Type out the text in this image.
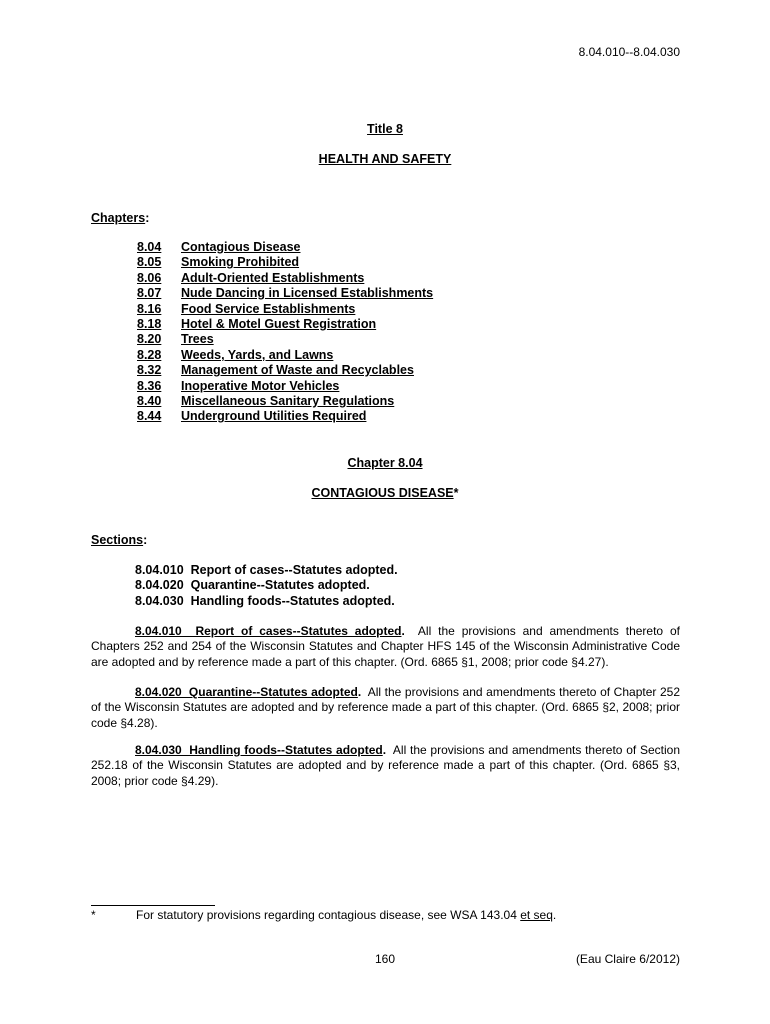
8.04.010--8.04.030
Title 8
HEALTH AND SAFETY
Chapters:
8.04 Contagious Disease
8.05 Smoking Prohibited
8.06 Adult-Oriented Establishments
8.07 Nude Dancing in Licensed Establishments
8.16 Food Service Establishments
8.18 Hotel & Motel Guest Registration
8.20 Trees
8.28 Weeds, Yards, and Lawns
8.32 Management of Waste and Recyclables
8.36 Inoperative Motor Vehicles
8.40 Miscellaneous Sanitary Regulations
8.44 Underground Utilities Required
Chapter 8.04
CONTAGIOUS DISEASE*
Sections:
8.04.010  Report of cases--Statutes adopted.
8.04.020  Quarantine--Statutes adopted.
8.04.030  Handling foods--Statutes adopted.
8.04.010  Report of cases--Statutes adopted. All the provisions and amendments thereto of Chapters 252 and 254 of the Wisconsin Statutes and Chapter HFS 145 of the Wisconsin Administrative Code are adopted and by reference made a part of this chapter. (Ord. 6865 §1, 2008; prior code §4.27).
8.04.020  Quarantine--Statutes adopted. All the provisions and amendments thereto of Chapter 252 of the Wisconsin Statutes are adopted and by reference made a part of this chapter. (Ord. 6865 §2, 2008; prior code §4.28).
8.04.030  Handling foods--Statutes adopted. All the provisions and amendments thereto of Section 252.18 of the Wisconsin Statutes are adopted and by reference made a part of this chapter. (Ord. 6865 §3, 2008; prior code §4.29).
*	For statutory provisions regarding contagious disease, see WSA 143.04 et seq.
160	(Eau Claire 6/2012)
